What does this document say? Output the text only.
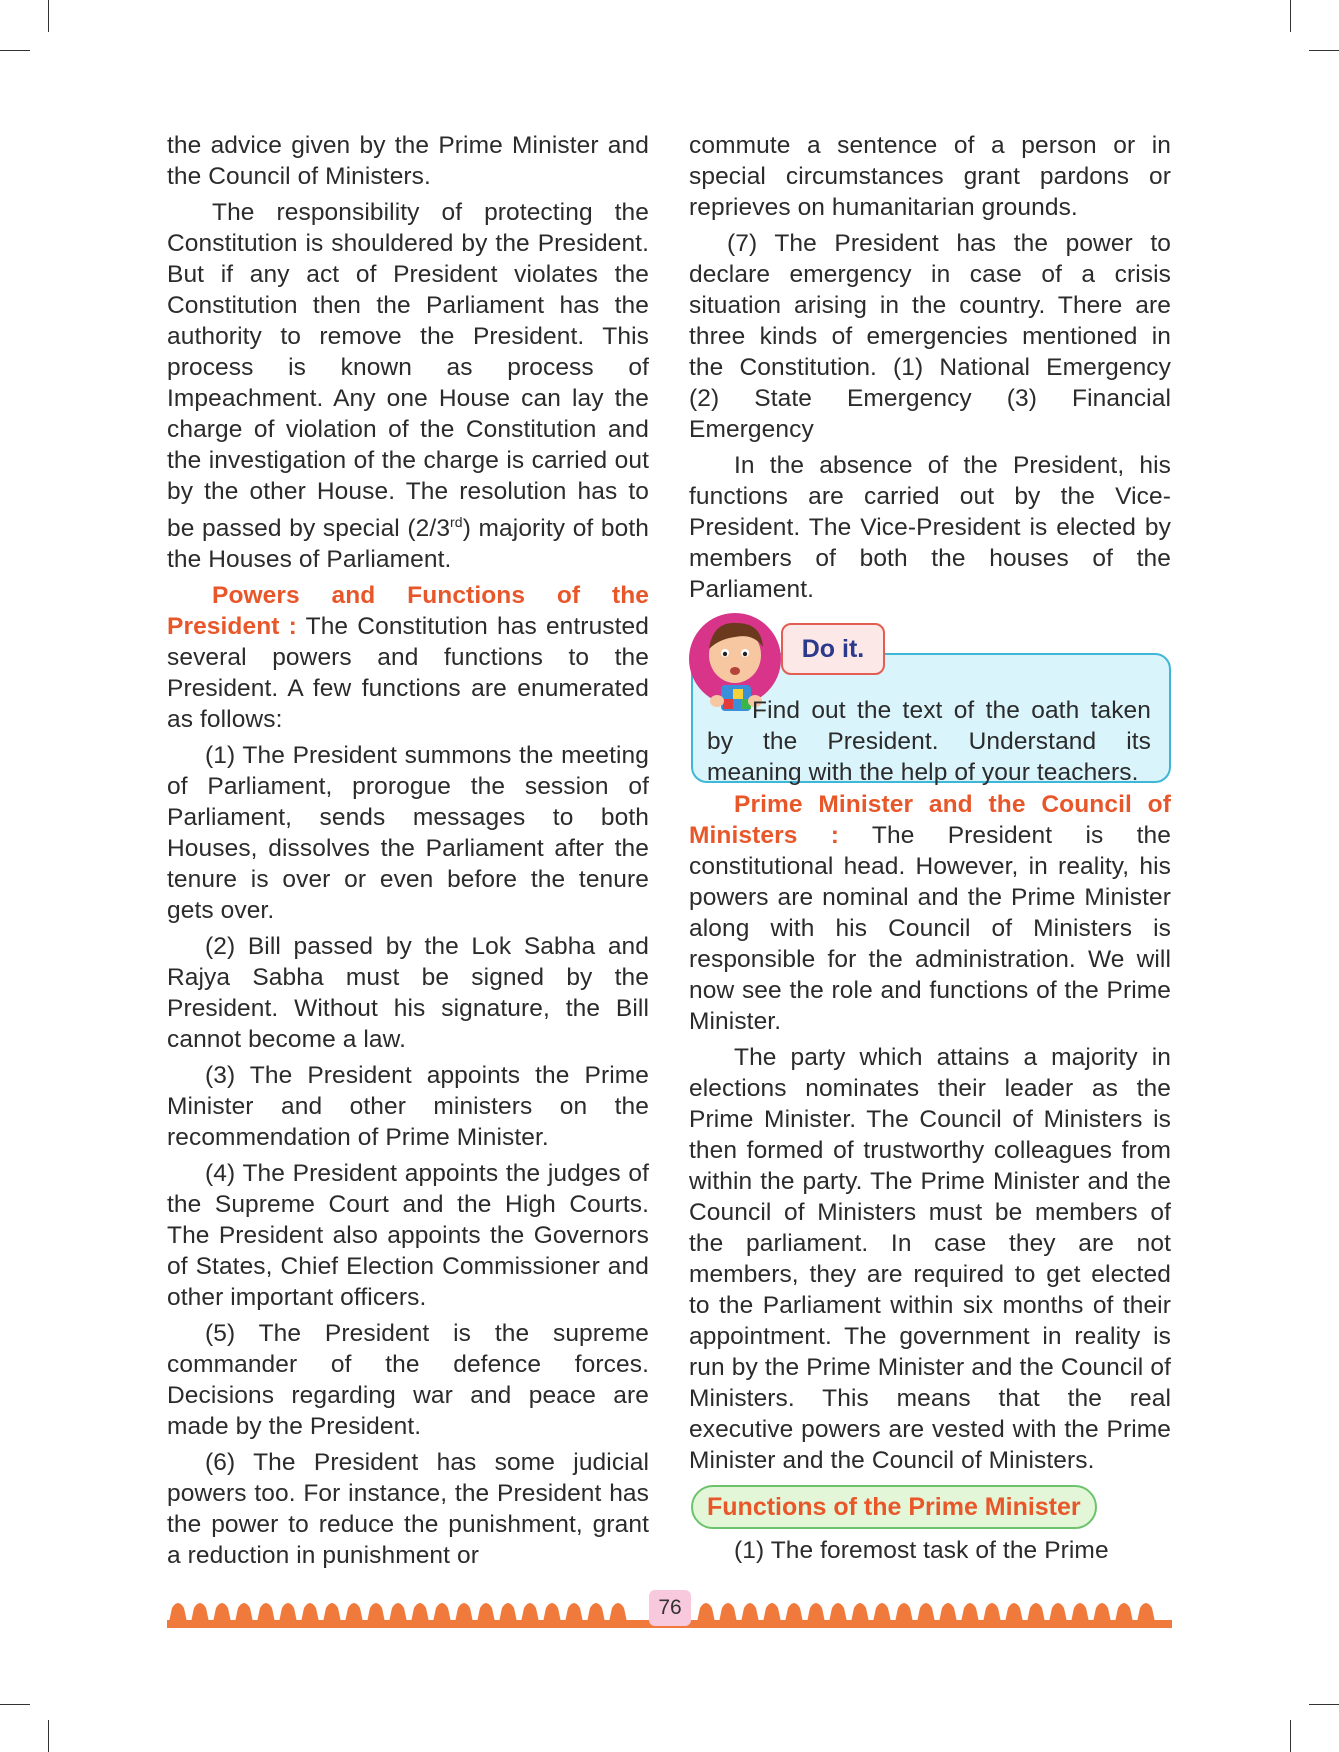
the advice given by the Prime Minister and the Council of Ministers.

The responsibility of protecting the Constitution is shouldered by the President. But if any act of President violates the Constitution then the Parliament has the authority to remove the President. This process is known as process of Impeachment. Any one House can lay the charge of violation of the Constitution and the investigation of the charge is carried out by the other House. The resolution has to be passed by special (2/3rd) majority of both the Houses of Parliament.

Powers and Functions of the President : The Constitution has entrusted several powers and functions to the President. A few functions are enumerated as follows:

(1) The President summons the meeting of Parliament, prorogue the session of Parliament, sends messages to both Houses, dissolves the Parliament after the tenure is over or even before the tenure gets over.

(2) Bill passed by the Lok Sabha and Rajya Sabha must be signed by the President. Without his signature, the Bill cannot become a law.

(3) The President appoints the Prime Minister and other ministers on the recommendation of Prime Minister.

(4) The President appoints the judges of the Supreme Court and the High Courts. The President also appoints the Governors of States, Chief Election Commissioner and other important officers.

(5) The President is the supreme commander of the defence forces. Decisions regarding war and peace are made by the President.

(6) The President has some judicial powers too. For instance, the President has the power to reduce the punishment, grant a reduction in punishment or

commute a sentence of a person or in special circumstances grant pardons or reprieves on humanitarian grounds.

(7) The President has the power to declare emergency in case of a crisis situation arising in the country. There are three kinds of emergencies mentioned in the Constitution. (1) National Emergency (2) State Emergency (3) Financial Emergency

In the absence of the President, his functions are carried out by the Vice-President. The Vice-President is elected by members of both the houses of the Parliament.

Do it.

Find out the text of the oath taken by the President. Understand its meaning with the help of your teachers.

Prime Minister and the Council of Ministers : The President is the constitutional head. However, in reality, his powers are nominal and the Prime Minister along with his Council of Ministers is responsible for the administration. We will now see the role and functions of the Prime Minister.

The party which attains a majority in elections nominates their leader as the Prime Minister. The Council of Ministers is then formed of trustworthy colleagues from within the party. The Prime Minister and the Council of Ministers must be members of the parliament. In case they are not members, they are required to get elected to the Parliament within six months of their appointment. The government in reality is run by the Prime Minister and the Council of Ministers. This means that the real executive powers are vested with the Prime Minister and the Council of Ministers.

Functions of the Prime Minister

(1) The foremost task of the Prime

76
